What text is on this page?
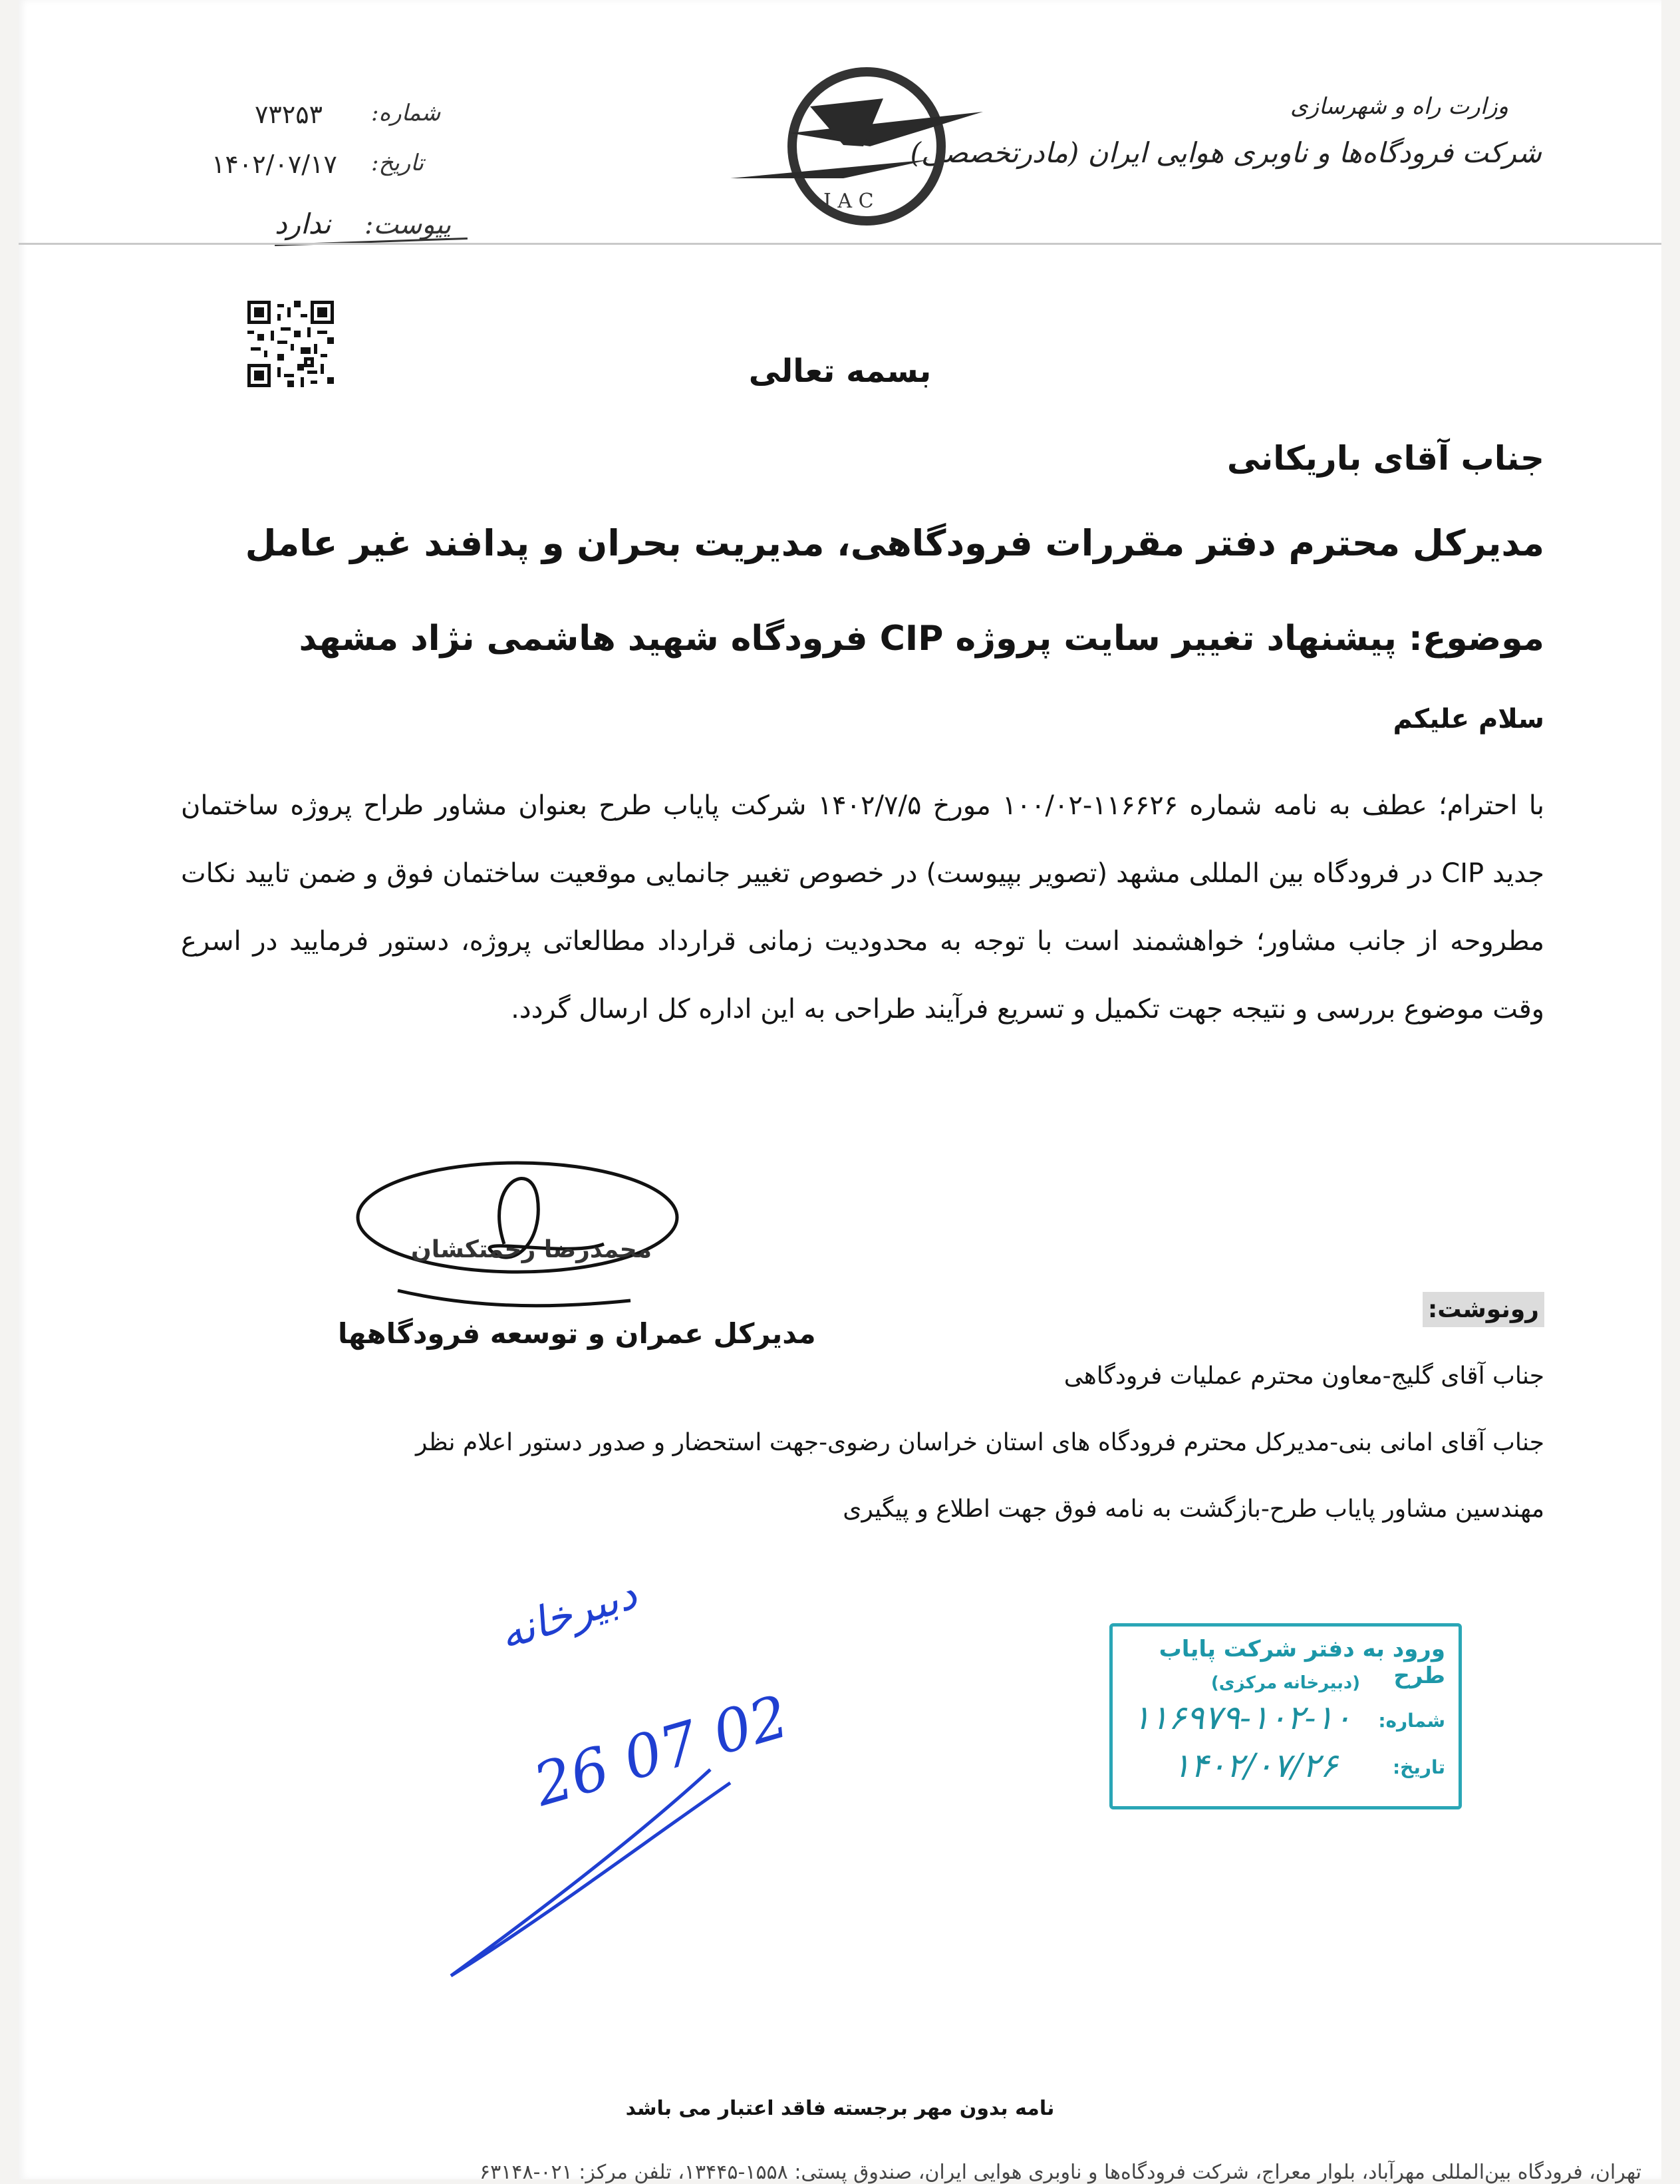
وزارت راه و شهرسازی
شرکت فرودگاه‌ها و ناوبری هوایی ایران (مادرتخصصی)
I A C
شماره:
۷۳۲۵۳
تاریخ:
۱۴۰۲/۰۷/۱۷
پیوست:
ندارد
بسمه تعالی
جناب آقای باریکانی
مدیرکل محترم دفتر مقررات فرودگاهی، مدیریت بحران و پدافند غیر عامل
موضوع: پیشنهاد تغییر سایت پروژه CIP فرودگاه شهید هاشمی نژاد مشهد
سلام علیکم
با احترام؛ عطف به نامه شماره ۱۱۶۶۲۶-۱۰۰/۰۲ مورخ ۱۴۰۲/۷/۵ شرکت پایاب طرح بعنوان مشاور طراح پروژه ساختمان جدید CIP در فرودگاه بین المللی مشهد (تصویر بپیوست) در خصوص تغییر جانمایی موقعیت ساختمان فوق و ضمن تایید نکات مطروحه از جانب مشاور؛ خواهشمند است با توجه به محدودیت زمانی قرارداد مطالعاتی پروژه، دستور فرمایید در اسرع وقت موضوع بررسی و نتیجه جهت تکمیل و تسریع فرآیند طراحی به این اداره کل ارسال گردد.
محمدرضا رحمتکشان
مدیرکل عمران و توسعه فرودگاهها
رونوشت:
جناب آقای گلیج-معاون محترم عملیات فرودگاهی
جناب آقای امانی بنی-مدیرکل محترم فرودگاه های استان خراسان رضوی-جهت استحضار و صدور دستور اعلام نظر
مهندسین مشاور پایاب طرح-بازگشت به نامه فوق جهت اطلاع و پیگیری
دبیرخانه
26 07 02
ورود به دفتر شرکت پایاب طرح
(دبیرخانه مرکزی)
شماره:
۱۱۶۹۷۹-۱۰۲-۱۰
تاریخ:
۱۴۰۲/۰۷/۲۶
نامه بدون مهر برجسته فاقد اعتبار می باشد
تهران، فرودگاه بین‌المللی مهرآباد، بلوار معراج، شرکت فرودگاه‌ها و ناوبری هوایی ایران، صندوق پستی: ۱۵۵۸-۱۳۴۴۵، تلفن مرکز: ۰۲۱-۶۳۱۴۸
